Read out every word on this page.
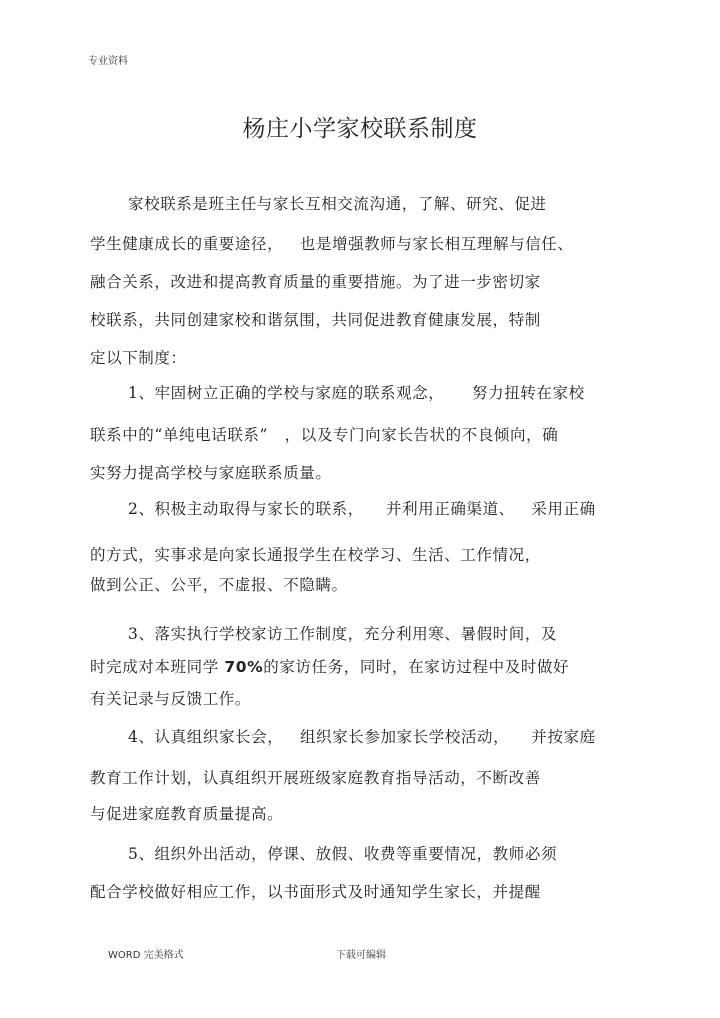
专业资料
杨庄小学家校联系制度
家校联系是班主任与家长互相交流沟通，了解、研究、促进
学生健康成长的重要途径，   也是增强教师与家长相互理解与信任、
融合关系，改进和提高教育质量的重要措施。为了进一步密切家
校联系，共同创建家校和谐氛围，共同促进教育健康发展，特制
定以下制度：
1、牢固树立正确的学校与家庭的联系观念，     努力扭转在家校
联系中的“单纯电话联系”   ，以及专门向家长告状的不良倾向，确
实努力提高学校与家庭联系质量。
2、积极主动取得与家长的联系，    并利用正确渠道、   采用正确
的方式，实事求是向家长通报学生在校学习、生活、工作情况，
做到公正、公平，不虚报、不隐瞒。
3、落实执行学校家访工作制度，充分利用寒、暑假时间，及
时完成对本班同学 70%的家访任务，同时，在家访过程中及时做好
有关记录与反馈工作。
4、认真组织家长会，   组织家长参加家长学校活动，    并按家庭
教育工作计划，认真组织开展班级家庭教育指导活动，不断改善
与促进家庭教育质量提高。
5、组织外出活动，停课、放假、收费等重要情况，教师必须
配合学校做好相应工作，以书面形式及时通知学生家长，并提醒
WORD 完美格式	下载可编辑
